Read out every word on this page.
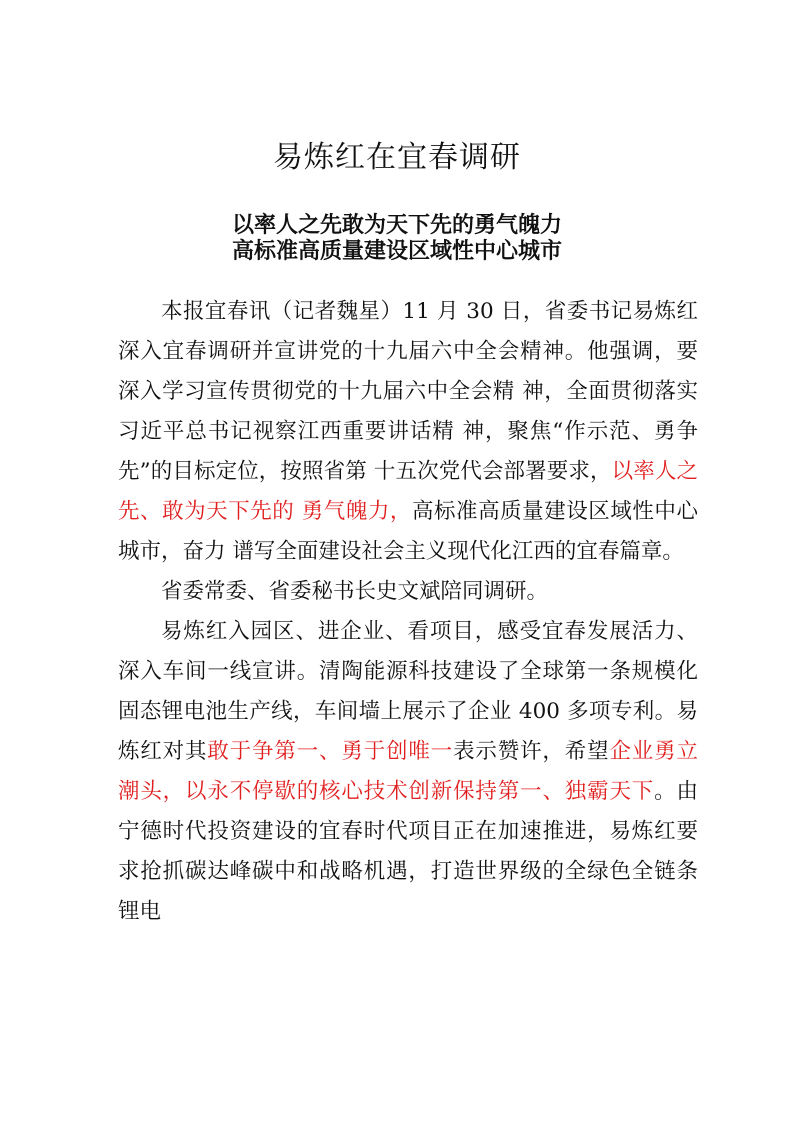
易炼红在宜春调研
以率人之先敢为天下先的勇气魄力
高标准高质量建设区域性中心城市

本报宜春讯（记者魏星）11 月 30 日，省委书记易炼红深入宜春调研并宣讲党的十九届六中全会精神。他强调，要深入学习宣传贯彻党的十九届六中全会精 神，全面贯彻落实习近平总书记视察江西重要讲话精 神，聚焦“作示范、勇争先”的目标定位，按照省第 十五次党代会部署要求，以率人之先、敢为天下先的 勇气魄力，高标准高质量建设区域性中心城市，奋力 谱写全面建设社会主义现代化江西的宜春篇章。

省委常委、省委秘书长史文斌陪同调研。

易炼红入园区、进企业、看项目，感受宜春发展活力、深入车间一线宣讲。清陶能源科技建设了全球第一条规模化固态锂电池生产线，车间墙上展示了企业 400 多项专利。易炼红对其敢于争第一、勇于创唯一表示赞许，希望企业勇立潮头，以永不停歇的核心技术创新保持第一、独霸天下。由宁德时代投资建设的宜春时代项目正在加速推进，易炼红要求抢抓碳达峰碳中和战略机遇，打造世界级的全绿色全链条锂电
